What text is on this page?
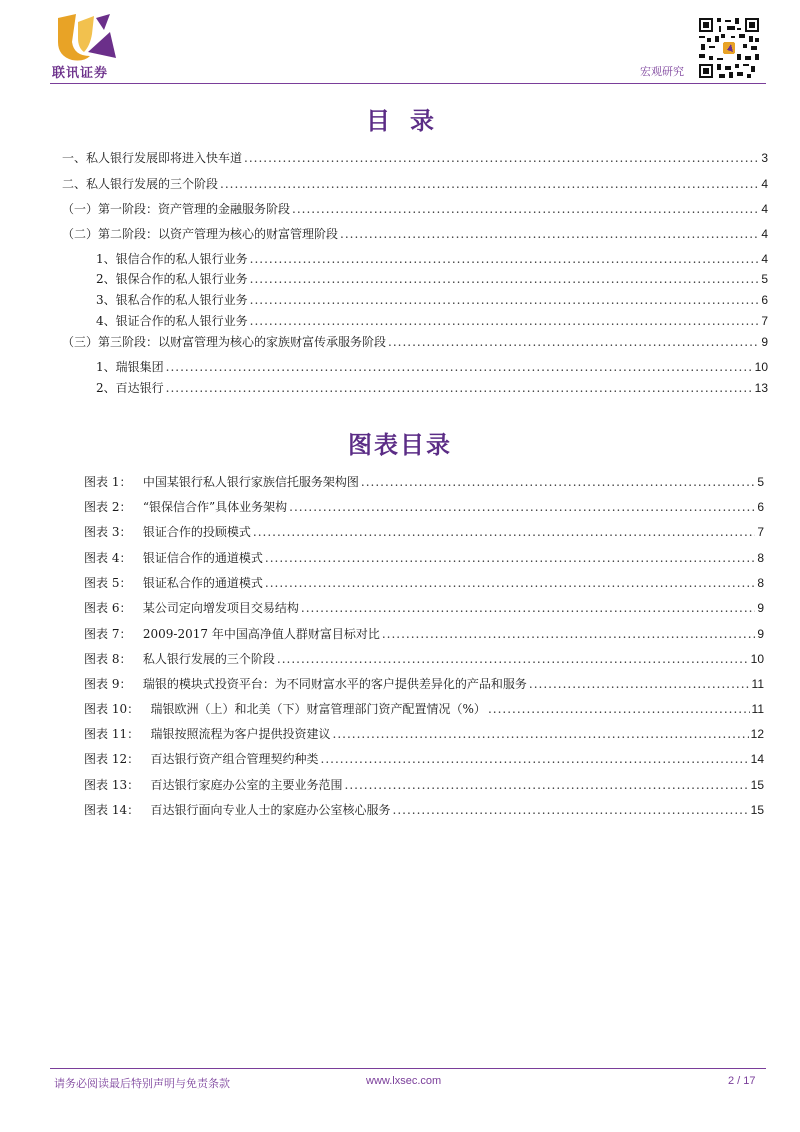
联讯证券	宏观研究
目录
一、私人银行发展即将进入快车道 .....	3
二、私人银行发展的三个阶段 .....	4
（一）第一阶段：资产管理的金融服务阶段 .....	4
（二）第二阶段：以资产管理为核心的财富管理阶段 .....	4
1、银信合作的私人银行业务 .....	4
2、银保合作的私人银行业务 .....	5
3、银私合作的私人银行业务 .....	6
4、银证合作的私人银行业务 .....	7
（三）第三阶段：以财富管理为核心的家族财富传承服务阶段 .....	9
1、瑞银集团 .....	10
2、百达银行 .....	13
图表目录
图表 1：   中国某银行私人银行家族信托服务架构图 .....	5
图表 2：   “银保信合作”具体业务架构 .....	6
图表 3：   银证合作的投顾模式 .....	7
图表 4：   银证信合作的通道模式 .....	8
图表 5：   银证私合作的通道模式 .....	8
图表 6：   某公司定向增发项目交易结构 .....	9
图表 7：   2009-2017 年中国高净值人群财富目标对比 .....	9
图表 8：   私人银行发展的三个阶段 .....	10
图表 9：   瑞银的模块式投资平台：为不同财富水平的客户提供差异化的产品和服务 .....	11
图表 10：   瑞银欧洲（上）和北美（下）财富管理部门资产配置情况（%） .....	11
图表 11：   瑞银按照流程为客户提供投资建议 .....	12
图表 12：   百达银行资产组合管理契约种类 .....	14
图表 13：   百达银行家庭办公室的主要业务范围 .....	15
图表 14：   百达银行面向专业人士的家庭办公室核心服务 .....	15
请务必阅读最后特别声明与免责条款	www.lxsec.com	2 / 17
